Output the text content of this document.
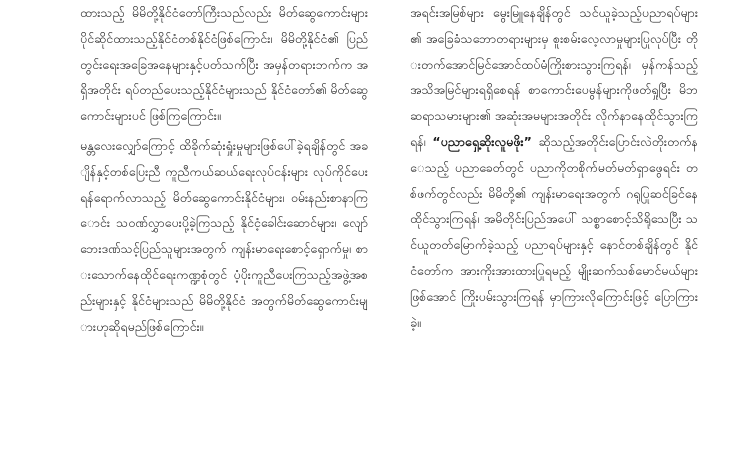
ထားသည့် မိမိတို့နိုင်ငံတော်ကြီးသည်လည်း မိတ်ဆွေကောင်းများ ပိုင်ဆိုင်ထားသည့်နိုင်ငံတစ်နိုင်ငံဖြစ်ကြောင်း၊ မိမိတို့နိုင်ငံ၏ ပြည်တွင်းရေးအခြေအနေများနှင့်ပတ်သက်ပြီး အမှန်တရားဘက်က အရှိအတိုင်း ရပ်တည်ပေးသည့်နိုင်ငံများသည် နိုင်ငံတော်၏ မိတ်ဆွေကောင်းများပင် ဖြစ်ကြကြောင်း။

မန္တလေးလျှော်ကြောင့် ထိခိုက်ဆုံးရှုံးမှုများဖြစ်ပေါ်ခဲ့ရချိန်တွင် အချိန်နှင့်တစ်ပြေးညီ ကူညီကယ်ဆယ်ရေးလုပ်ငန်းများ လုပ်ကိုင်ပေးရန်ရောက်လာသည့် မိတ်ဆွေကောင်းနိုင်ငံများ၊ ဝမ်းနည်းစာနာကြောင်း သဝဏ်လွှာပေးပို့ခဲ့ကြသည့် နိုင်ငံ့ခေါင်းဆောင်များ၊ လျော်ဘေးဒဏ်သင့်ပြည်သူများအတွက် ကျန်းမာရေးစောင့်ရှောက်မှု၊ စားသောက်နေထိုင်ရေးကဏ္ဍစုံတွင် ပံ့ပိုးကူညီပေးကြသည့်အဖွဲ့အစည်းများနှင့် နိုင်ငံများသည် မိမိတို့နိုင်ငံ အတွက်မိတ်ဆွေကောင်းများဟုဆိုရမည်ဖြစ်ကြောင်း။

အရင်းအမြစ်များ မွေးမြူနေချိန်တွင် သင်ယူခဲ့သည့်ပညာရပ်များ၏ အခြေခံသဘောတရားများမှ စူးစမ်းလေ့လာမှုများပြုလုပ်ပြီး တိုးတက်အောင်မြင်အောင်ထပ်မံကြိုးစားသွားကြရန်၊ မှန်ကန်သည့် အသိအမြင်များရရှိစေရန် စာကောင်းပေမွန်များကိုဖတ်ရှုပြီး မိဘဆရာသမားများ၏ အဆုံးအမများအတိုင်း လိုက်နာနေထိုင်သွားကြရန်၊ “ပညာရှေ့ဆိုးလူမဖိုး” ဆိုသည့်အတိုင်းပြောင်းလဲတိုးတက်နေသည့် ပညာခေတ်တွင် ပညာကိုတစိုက်မတ်မတ်ရှာဖွေရင်း တစ်ဖက်တွင်လည်း မိမိတို့၏ ကျန်းမာရေးအတွက် ဂရုပြုဆင်ခြင်နေထိုင်သွားကြရန်၊ အမိတိုင်းပြည်အပေါ် သစ္စာစောင့်သိရိုသေပြီး သင်ယူတတ်မြောက်ခဲ့သည့် ပညာရပ်များနှင့် နောင်တစ်ချိန်တွင် နိုင်ငံတော်က အားကိုးအားထားပြုရမည့် မျိုးဆက်သစ်မောင်မယ်များဖြစ်အောင် ကြိုးပမ်းသွားကြရန် မှာကြားလိုကြောင်းဖြင့် ပြောကြားခဲ့။
